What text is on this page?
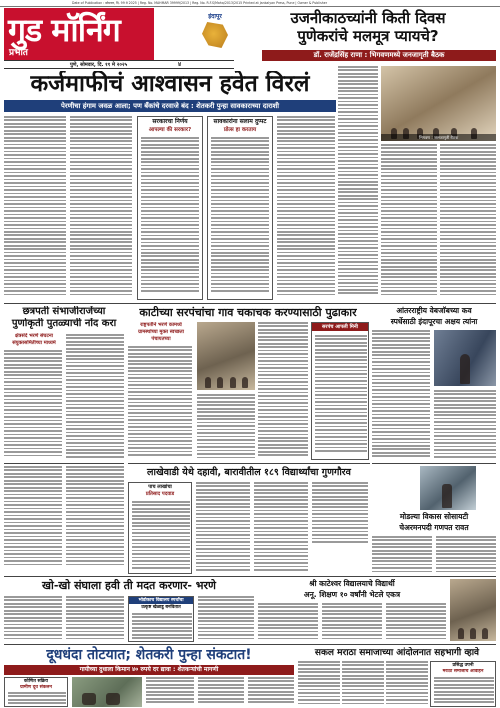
Date of Publication : सोमवार, दि. 99 मे 2025 | Reg. No. MAHMAR 39999/2013 | Reg. No. R.F.S/Maha/2013/2015 Printed at Jankalyan Press, Pune | Owner & Publisher
गुड मॉर्निंग
प्रभात
पुणे, सोमवार, दि. ११ मे २०२५	४
इंदापूर	उजनीकाठच्यांनी किती दिवस
पुणेकरांचे मलमूत्र प्यायचे?
डॉ. राजेंद्रसिंह राणा : भिगवणमध्ये जनजागृती बैठक
कर्जमाफीचं आश्वासन हवेत विरलं
पेरणीचा हंगाम जवळ आला; पण बँकांचे दरवाजे बंद : शेतकरी पुन्हा सावकाराच्या दाराशी
सरकारचा निर्णय
आपल्या की सरकार?
सावकारांना सलाम दुप्पट
प्रोत्स हा करताय
छत्रपती संभाजीराजेंच्या
पुर्णाकृती पुतळ्याची नोंद करा
क्षेत्रसंदे भरणे संघटना
संयुक्तसमितीच्या माध्यमे
काटीच्या सरपंचांचा गाव चकाचक करण्यासाठी पुढाकार
राष्ट्रपतीने भरणे कामध्ये
ग्रामस्थांच्या मुक्त स्वच्छता
पंचायतच्या
सरपंच आपली मिनी
आंतरराष्ट्रीय वेबजाॅबच्या कव
स्पर्धेसाठी इंदापूरचा अक्षय त्यांना
लाखेवाडी येथे दहावी, बारावीतील १८९ विद्यार्थ्यांचा गुणगौरव
पाच लाखांचा
प्रतिसाद पदवाड
मोडल्या विकास सोसायटी
चेअरमनपदी गणपत रावत
खो-खो संघाला हवी ती मदत करणार- भरणे
भोडोकाच विद्यालय स्पर्धांचा
उत्कृष्ट खेळाडू बनवितात
श्री काटेश्वर विद्यालयाचे विद्यार्थी
अनू. शिक्षण १० वर्षांनी भेटले एकत्र
दूधधंदा तोटयात; शेतकरी पुन्हा संकटात!
गायीच्या दुधाला किमान ४० रुपये दर द्यावा : शेतकऱ्यांची मागणी
कोणित सक्रिय
ग्रामीण दूध संकलन
सकल मराठा समाजाच्या आंदोलनात सहभागी व्हावे
प्रसिद्ध उपनी
मराठा समाजाचे आवाहन
भिगवण : जलजागृती बैठक
